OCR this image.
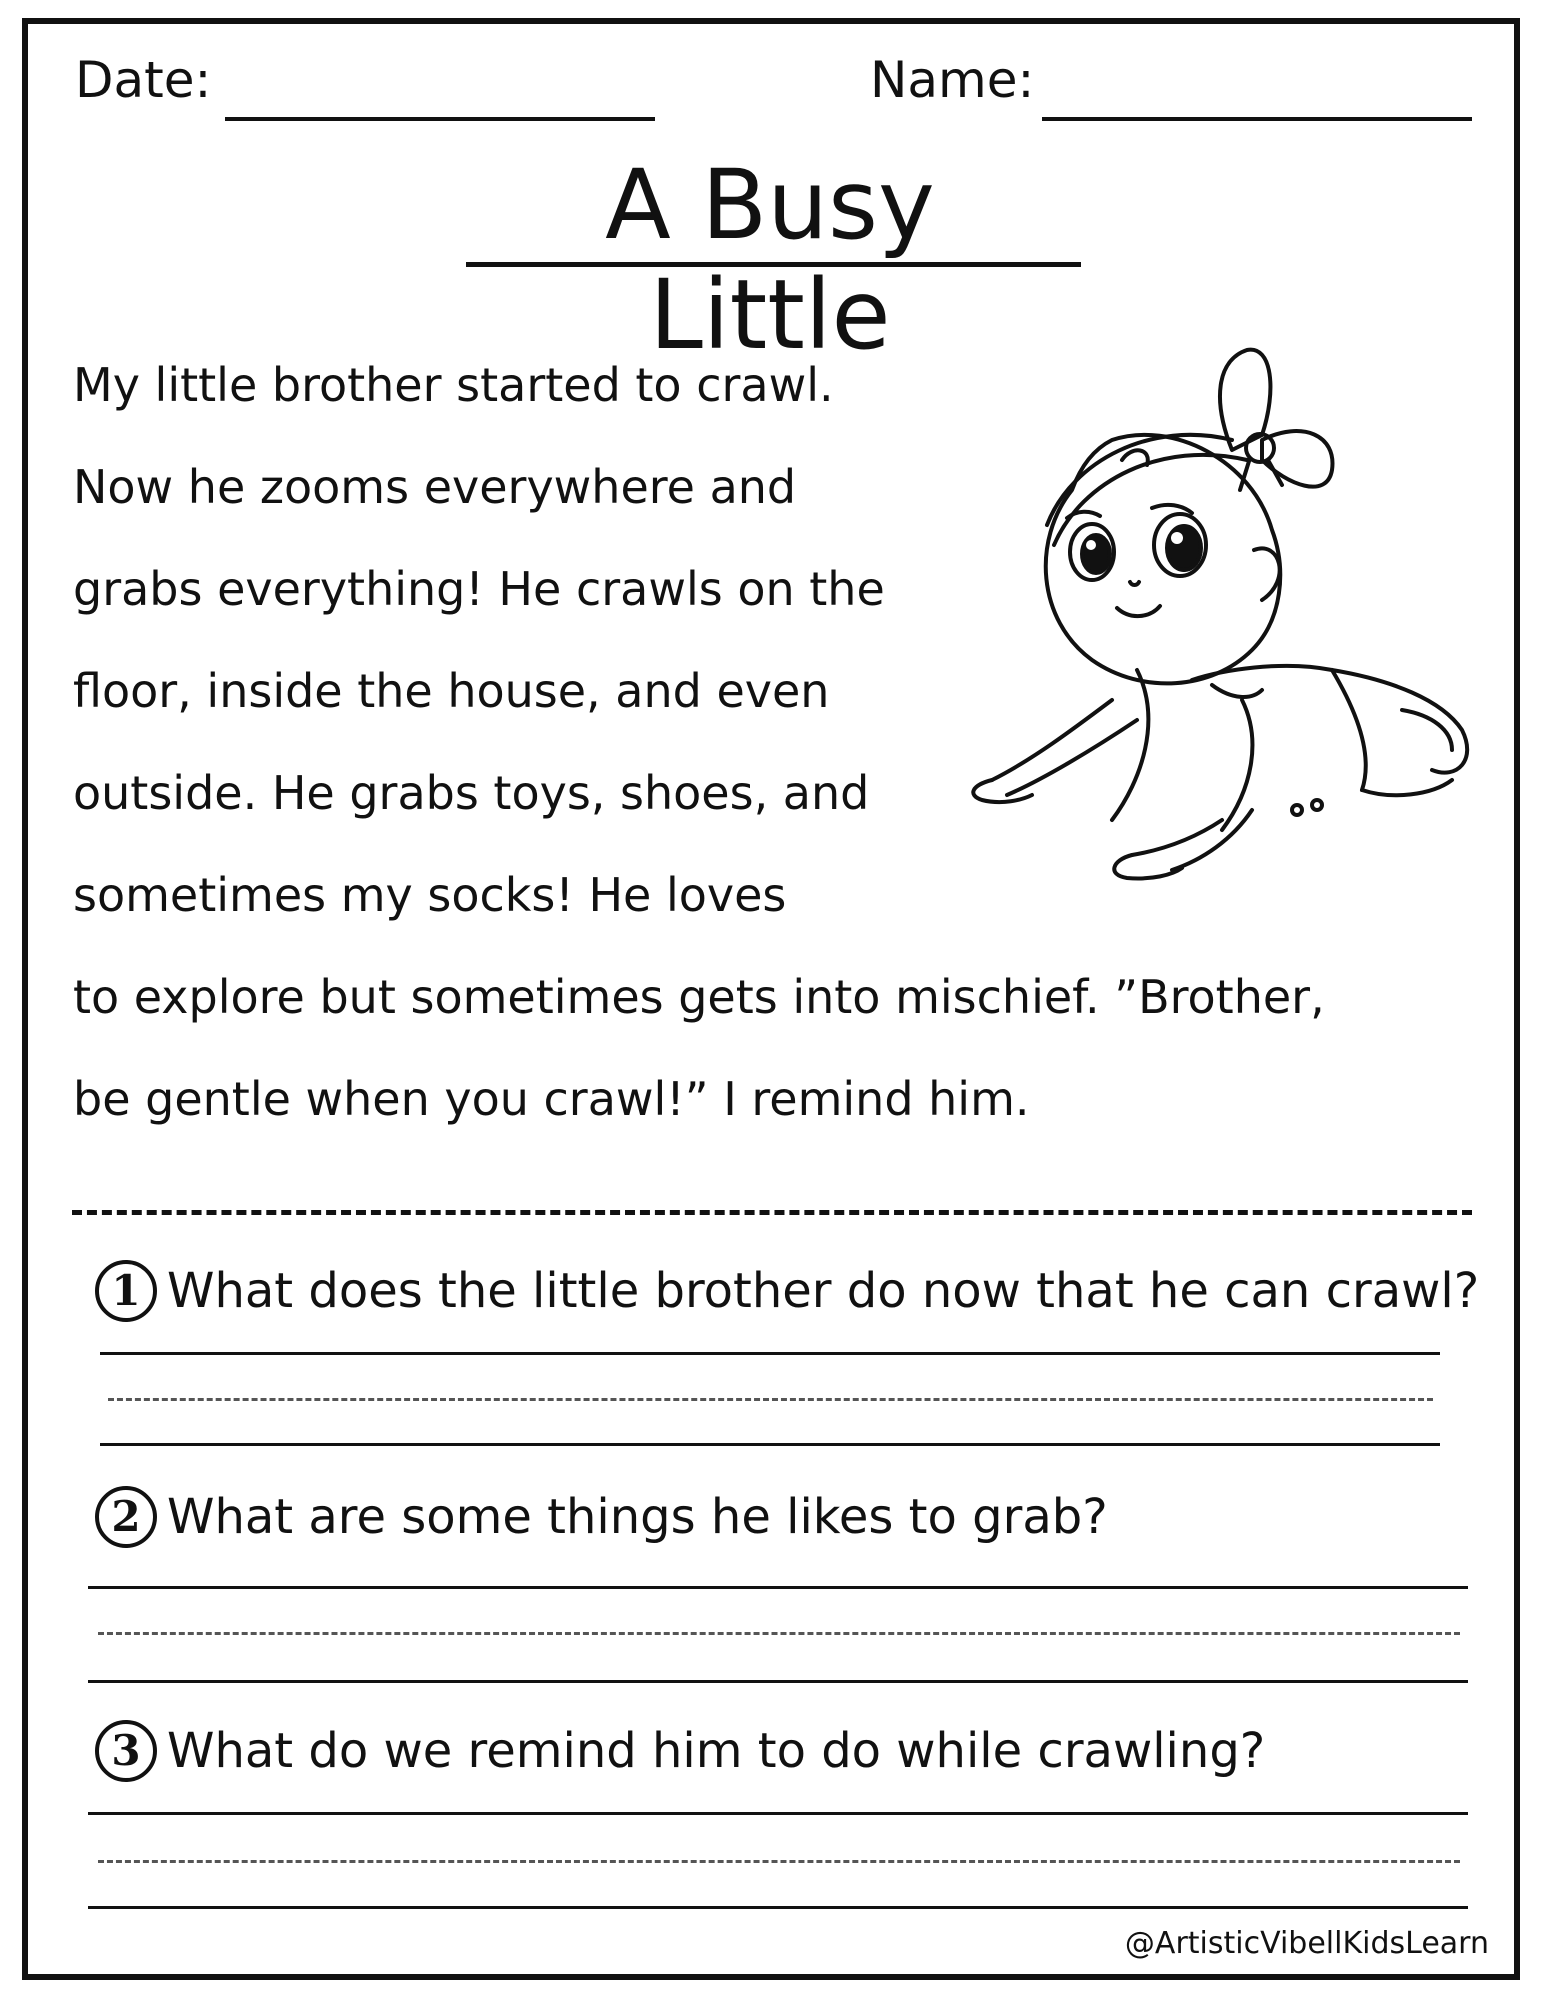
Date:	Name:
A Busy Little

My little brother started to crawl.
Now he zooms everywhere and
grabs everything! He crawls on the
floor, inside the house, and even
outside. He grabs toys, shoes, and
sometimes my socks! He loves

to explore but sometimes gets into mischief. ”Brother,
be gentle when you crawl!” I remind him.

1 What does the little brother do now that he can crawl?
2 What are some things he likes to grab?
3 What do we remind him to do while crawling?
@ArtisticVibellKidsLearn
